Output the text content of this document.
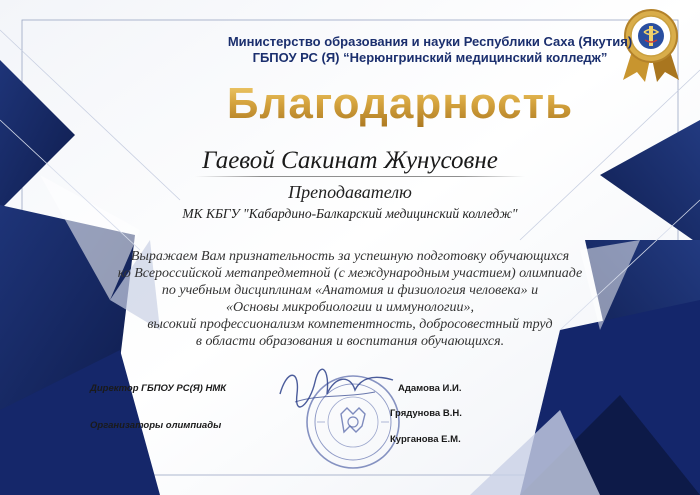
Министерство образования и науки Республики Саха (Якутия)
ГБПОУ РС (Я) “Нерюнгринский медицинский колледж”
Благодарность
Гаевой Сакинат Жунусовне
Преподавателю
МК КБГУ "Кабардино-Балкарский медицинский колледж"
Выражаем Вам признательность за успешную подготовку обучающихся
ко Всероссийской метапредметной (с международным участием) олимпиаде
по учебным дисциплинам «Анатомия и физиология человека» и
«Основы микробиологии и иммунологии»,
высокий профессионализм компетентность, добросовестный труд
в области образования и воспитания обучающихся.
Директор ГБПОУ РС(Я) НМК
Организаторы олимпиады
Адамова И.И.
Грядунова В.Н.
Курганова Е.М.
